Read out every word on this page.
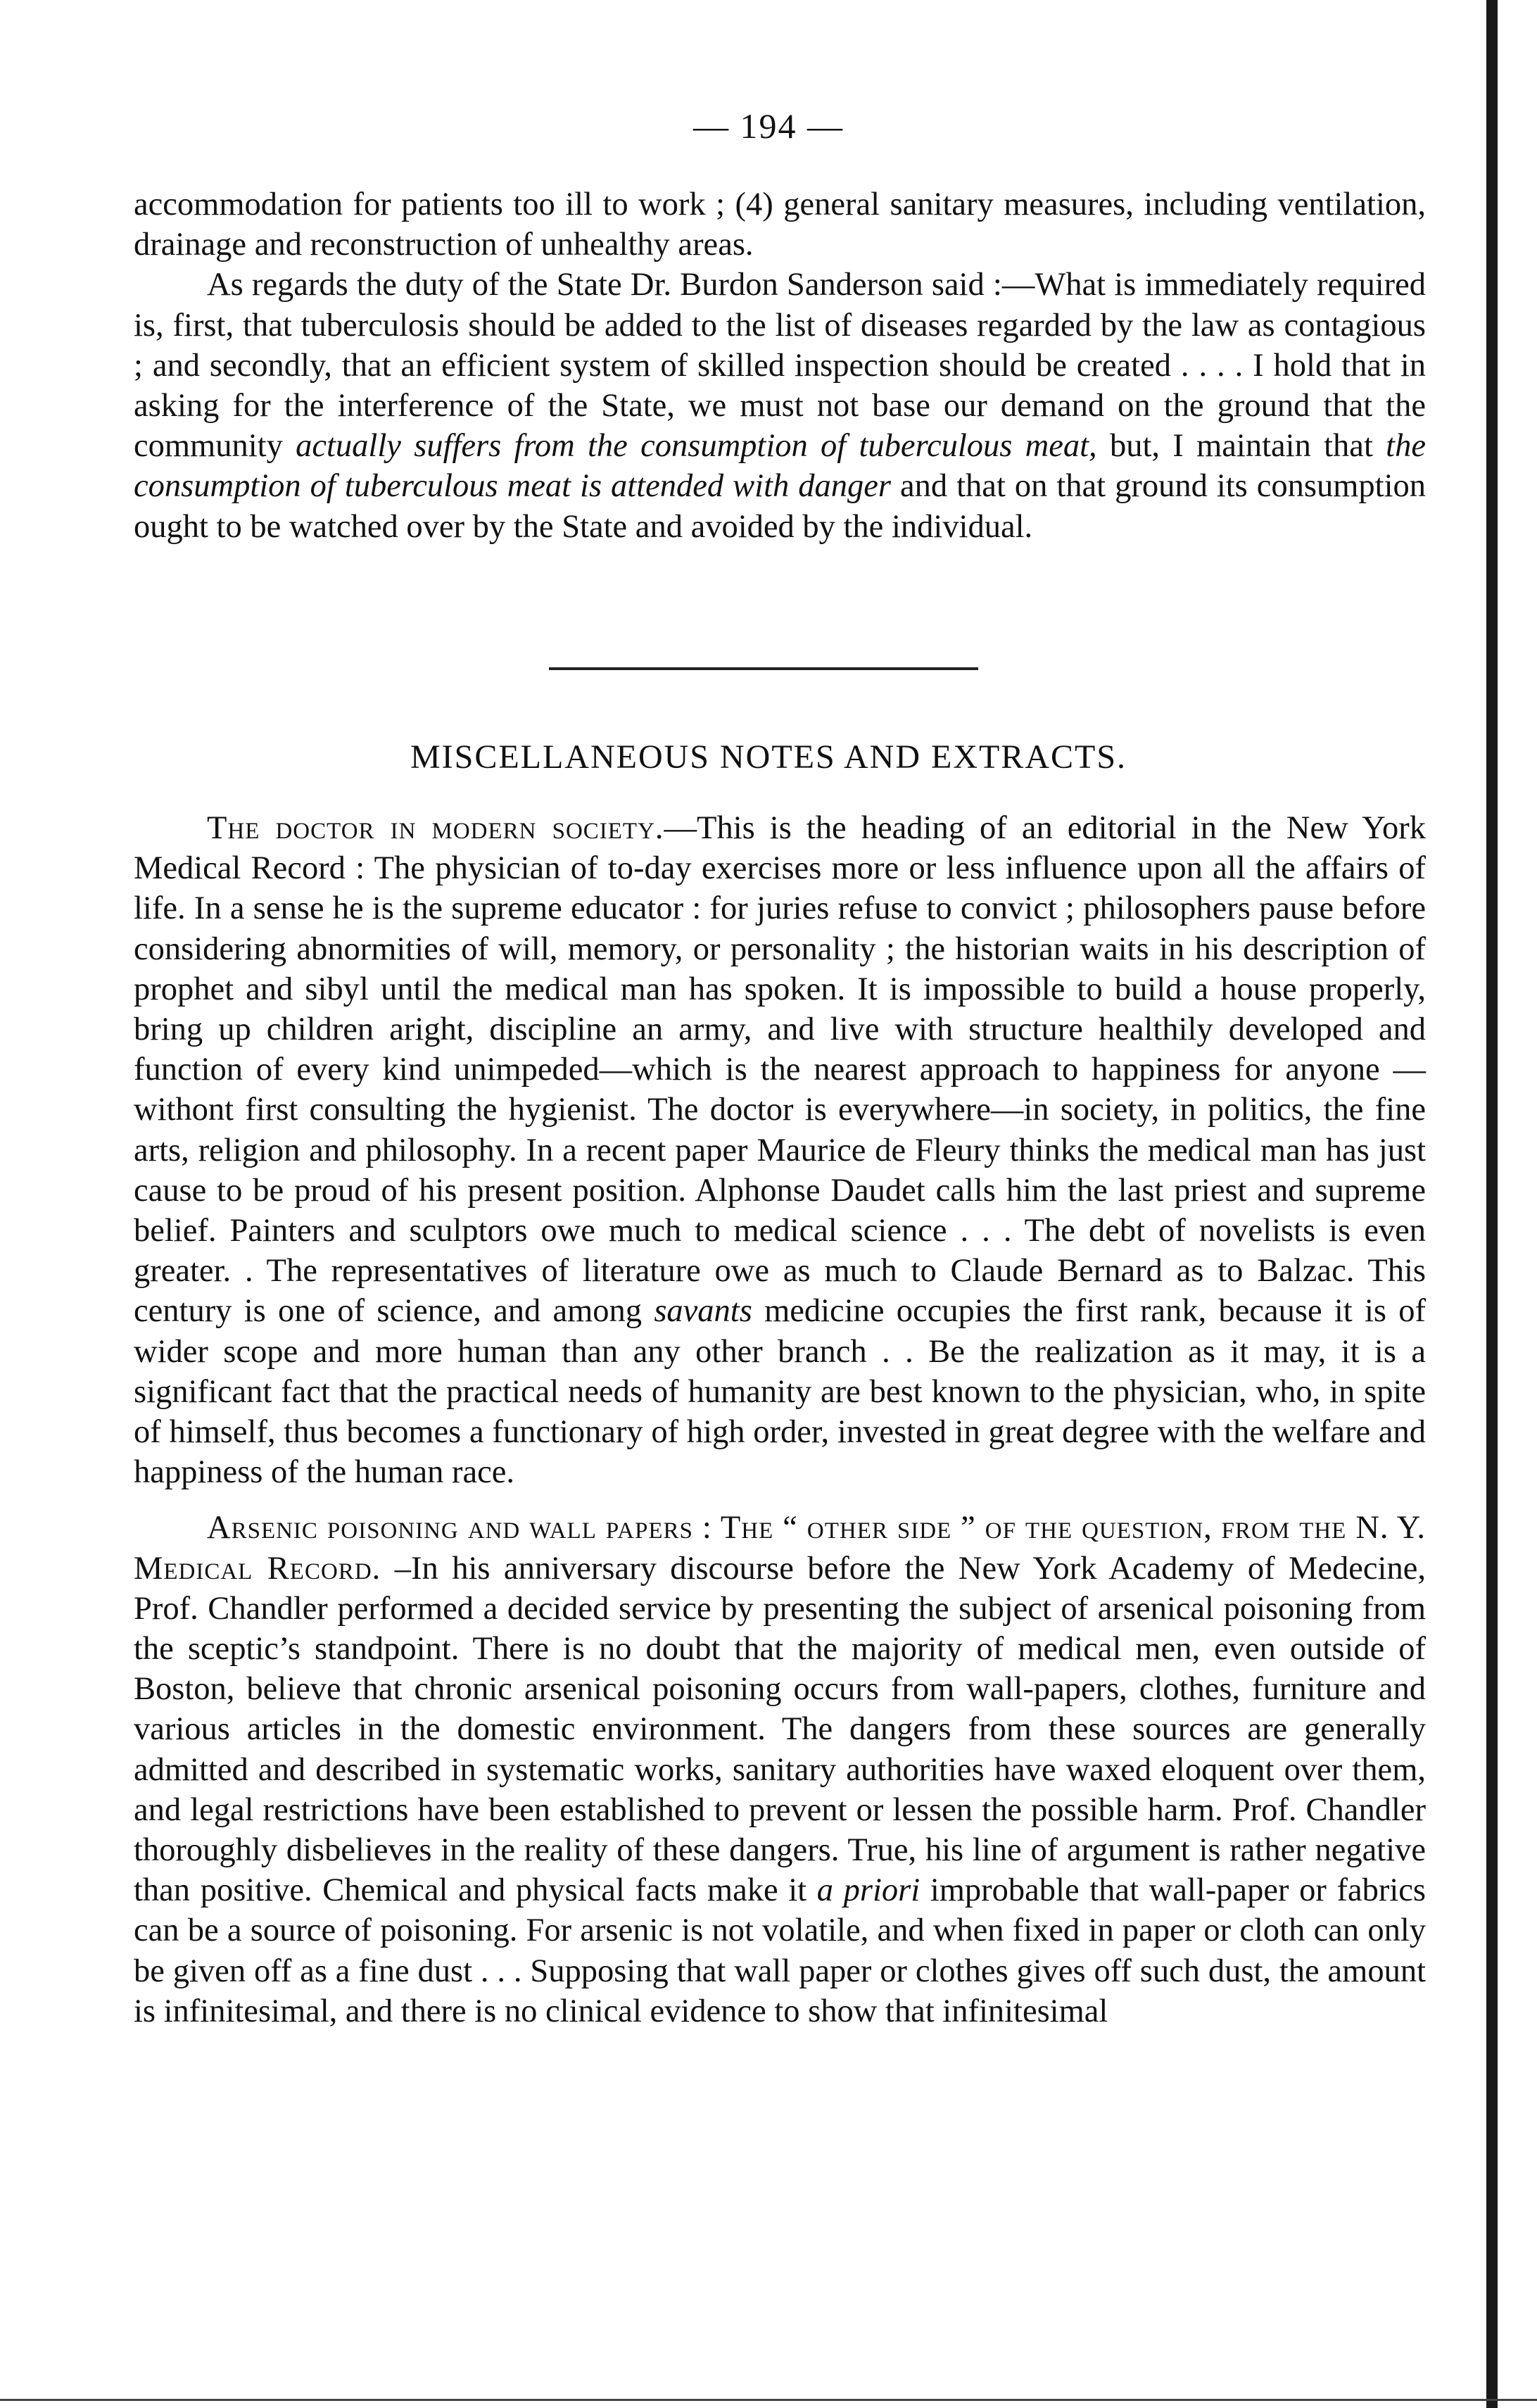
— 194 —

accommodation for patients too ill to work ; (4) general sanitary measures, including ventilation, drainage and reconstruction of unhealthy areas.

As regards the duty of the State Dr. Burdon Sanderson said :—What is immediately required is, first, that tuberculosis should be added to the list of diseases regarded by the law as contagious ; and secondly, that an efficient system of skilled inspection should be created . . . . I hold that in asking for the interference of the State, we must not base our demand on the ground that the community actually suffers from the consumption of tuberculous meat, but, I maintain that the consumption of tuberculous meat is attended with danger and that on that ground its consumption ought to be watched over by the State and avoided by the individual.

MISCELLANEOUS NOTES AND EXTRACTS.

The doctor in modern society.—This is the heading of an editorial in the New York Medical Record : The physician of to-day exercises more or less influence upon all the affairs of life. In a sense he is the supreme educator : for juries refuse to convict ; philosophers pause before considering abnormities of will, memory, or personality ; the historian waits in his description of prophet and sibyl until the medical man has spoken. It is impossible to build a house properly, bring up children aright, discipline an army, and live with structure healthily developed and function of every kind unimpeded—which is the nearest approach to happiness for anyone —withont first consulting the hygienist. The doctor is everywhere—in society, in politics, the fine arts, religion and philosophy. In a recent paper Maurice de Fleury thinks the medical man has just cause to be proud of his present position. Alphonse Daudet calls him the last priest and supreme belief. Painters and sculptors owe much to medical science . . . The debt of novelists is even greater. . The representatives of literature owe as much to Claude Bernard as to Balzac. This century is one of science, and among savants medicine occupies the first rank, because it is of wider scope and more human than any other branch . . Be the realization as it may, it is a significant fact that the practical needs of humanity are best known to the physician, who, in spite of himself, thus becomes a functionary of high order, invested in great degree with the welfare and happiness of the human race.

Arsenic poisoning and wall papers : The “ other side ” of the question, from the N. Y. Medical Record. –In his anniversary discourse before the New York Academy of Medecine, Prof. Chandler performed a decided service by presenting the subject of arsenical poisoning from the sceptic’s standpoint. There is no doubt that the majority of medical men, even outside of Boston, believe that chronic arsenical poisoning occurs from wall-papers, clothes, furniture and various articles in the domestic environment. The dangers from these sources are generally admitted and described in systematic works, sanitary authorities have waxed eloquent over them, and legal restrictions have been established to prevent or lessen the possible harm. Prof. Chandler thoroughly disbelieves in the reality of these dangers. True, his line of argument is rather negative than positive. Chemical and physical facts make it a priori improbable that wall-paper or fabrics can be a source of poisoning. For arsenic is not volatile, and when fixed in paper or cloth can only be given off as a fine dust . . . Supposing that wall paper or clothes gives off such dust, the amount is infinitesimal, and there is no clinical evidence to show that infinitesimal
